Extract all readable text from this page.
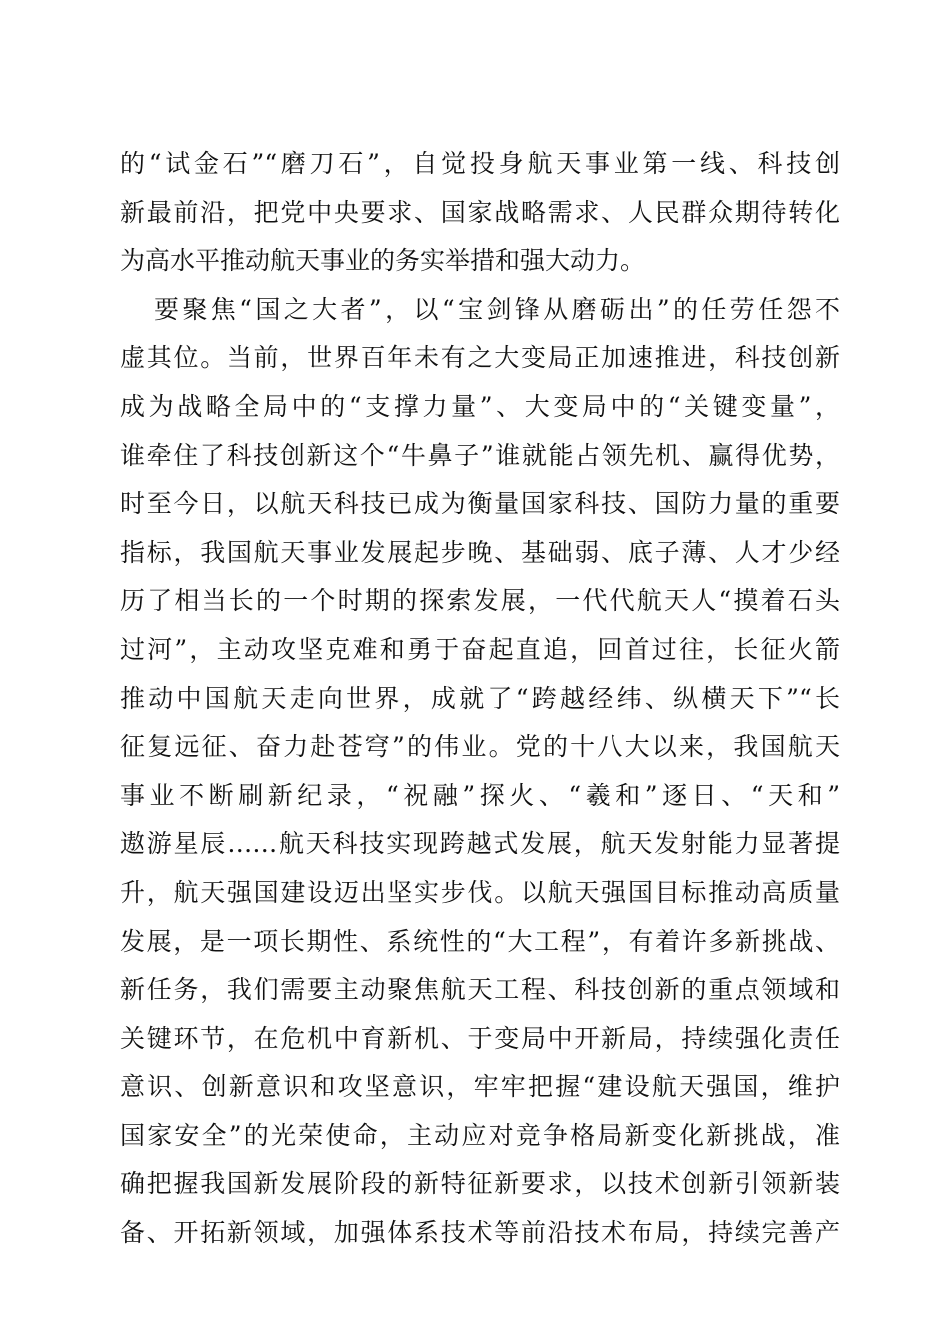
的“试金石”“磨刀石”，自觉投身航天事业第一线、科技创

新最前沿，把党中央要求、国家战略需求、人民群众期待转化

为高水平推动航天事业的务实举措和强大动力。

要聚焦“国之大者”，以“宝剑锋从磨砺出”的任劳任怨不

虚其位。当前，世界百年未有之大变局正加速推进，科技创新

成为战略全局中的“支撑力量”、大变局中的“关键变量”，

谁牵住了科技创新这个“牛鼻子”谁就能占领先机、赢得优势，

时至今日，以航天科技已成为衡量国家科技、国防力量的重要

指标，我国航天事业发展起步晚、基础弱、底子薄、人才少经

历了相当长的一个时期的探索发展，一代代航天人“摸着石头

过河”，主动攻坚克难和勇于奋起直追，回首过往，长征火箭

推动中国航天走向世界，成就了“跨越经纬、纵横天下”“长

征复远征、奋力赴苍穹”的伟业。党的十八大以来，我国航天

事业不断刷新纪录，“祝融”探火、“羲和”逐日、“天和”

遨游星辰……航天科技实现跨越式发展，航天发射能力显著提

升，航天强国建设迈出坚实步伐。以航天强国目标推动高质量

发展，是一项长期性、系统性的“大工程”，有着许多新挑战、

新任务，我们需要主动聚焦航天工程、科技创新的重点领域和

关键环节，在危机中育新机、于变局中开新局，持续强化责任

意识、创新意识和攻坚意识，牢牢把握“建设航天强国，维护

国家安全”的光荣使命，主动应对竞争格局新变化新挑战，准

确把握我国新发展阶段的新特征新要求，以技术创新引领新装

备、开拓新领域，加强体系技术等前沿技术布局，持续完善产
